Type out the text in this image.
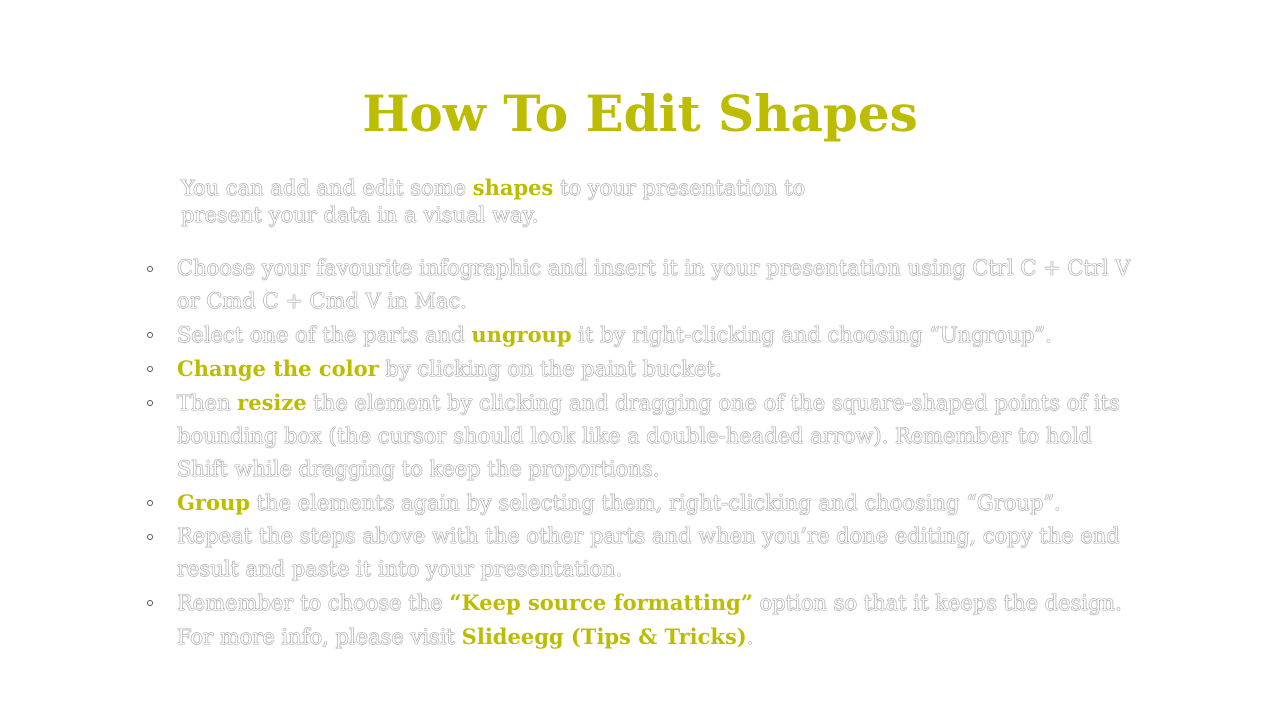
How To Edit Shapes

You can add and edit some shapes to your presentation to present your data in a visual way.

Choose your favourite infographic and insert it in your presentation using Ctrl C + Ctrl V or Cmd C + Cmd V in Mac.
Select one of the parts and ungroup it by right-clicking and choosing “Ungroup”.
Change the color by clicking on the paint bucket.
Then resize the element by clicking and dragging one of the square-shaped points of its bounding box (the cursor should look like a double-headed arrow). Remember to hold Shift while dragging to keep the proportions.
Group the elements again by selecting them, right-clicking and choosing “Group”.
Repeat the steps above with the other parts and when you’re done editing, copy the end result and paste it into your presentation.
Remember to choose the “Keep source formatting” option so that it keeps the design. For more info, please visit Slideegg (Tips & Tricks).
